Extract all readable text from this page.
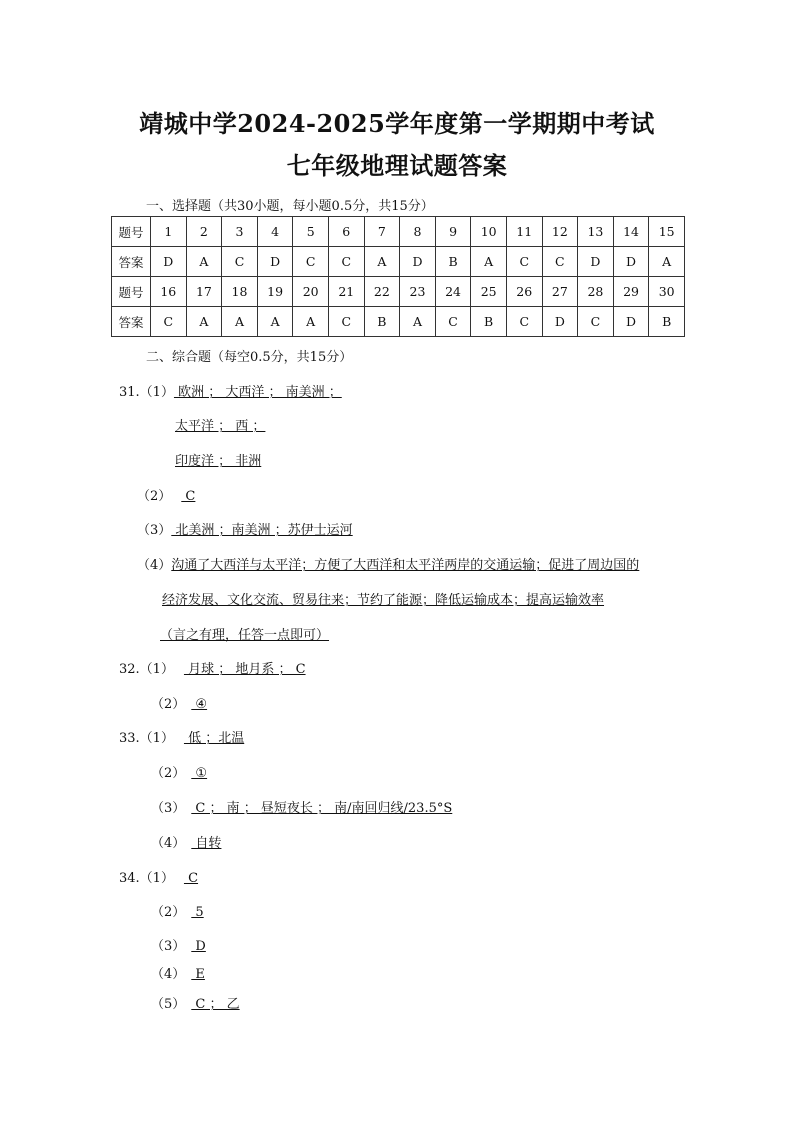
靖城中学2024-2025学年度第一学期期中考试
七年级地理试题答案
一、选择题（共30小题，每小题0.5分，共15分）
题号	1	2	3	4	5	6	7	8	9	10	11	12	13	14	15
答案	D	A	C	D	C	C	A	D	B	A	C	C	D	D	A
题号	16	17	18	19	20	21	22	23	24	25	26	27	28	29	30
答案	C	A	A	A	A	C	B	A	C	B	C	D	C	D	B
二、综合题（每空0.5分，共15分）
31.（1） 欧洲 ； 大西洋 ； 南美洲 ；
太平洋 ； 西 ；
印度洋 ； 非洲
（2） C
（3） 北美洲 ；南美洲 ；苏伊士运河
（4）沟通了大西洋与太平洋；方便了大西洋和太平洋两岸的交通运输；促进了周边国的
经济发展、文化交流、贸易往来；节约了能源；降低运输成本；提高运输效率
（言之有理，任答一点即可）
32.（1） 月球 ； 地月系 ； C
（2） ④
33.（1） 低 ；北温
（2） ①
（3） C ； 南 ； 昼短夜长 ； 南/南回归线/23.5°S
（4） 自转
34.（1） C
（2） 5
（3） D
（4） E
（5） C ； 乙
